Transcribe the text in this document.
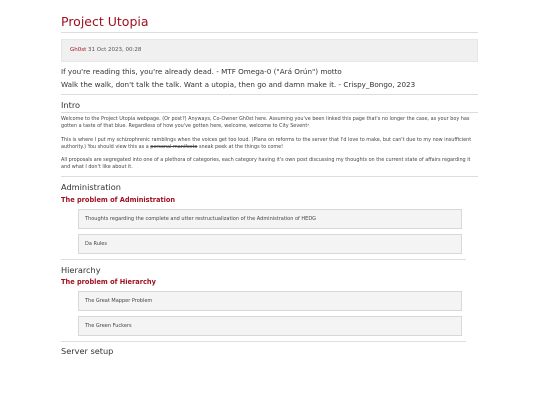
Project Utopia
Gh0st 31 Oct 2023, 00:28
If you're reading this, you're already dead. - MTF Omega-0 ("Ará Orún") motto
Walk the walk, don't talk the talk. Want a utopia, then go and damn make it. - Crispy_Bongo, 2023
Intro

Welcome to the Project Utopia webpage. (Or post?) Anyways, Co-Owner Gh0st here. Assuming you've been linked this page that's no longer the case, as your boy has gotten a taste of that blue. Regardless of how you've gotten here, welcome, welcome to City Seventˣ

This is where I put my schizophrenic ramblings when the voices get too loud. (Plans on reforms to the server that I'd love to make, but can't due to my now insufficient authority.) You should view this as a personal manifesto sneak peek at the things to come!

All proposals are segregated into one of a plethora of categories, each category having it's own post discussing my thoughts on the current state of affairs regarding it and what I don't like about it.

Administration
The problem of Administration
Thoughts regarding the complete and utter restructualization of the Administration of HEDG
Da Rules
Hierarchy
The problem of Hierarchy
The Great Mapper Problem
The Green Fuckers
Server setup
